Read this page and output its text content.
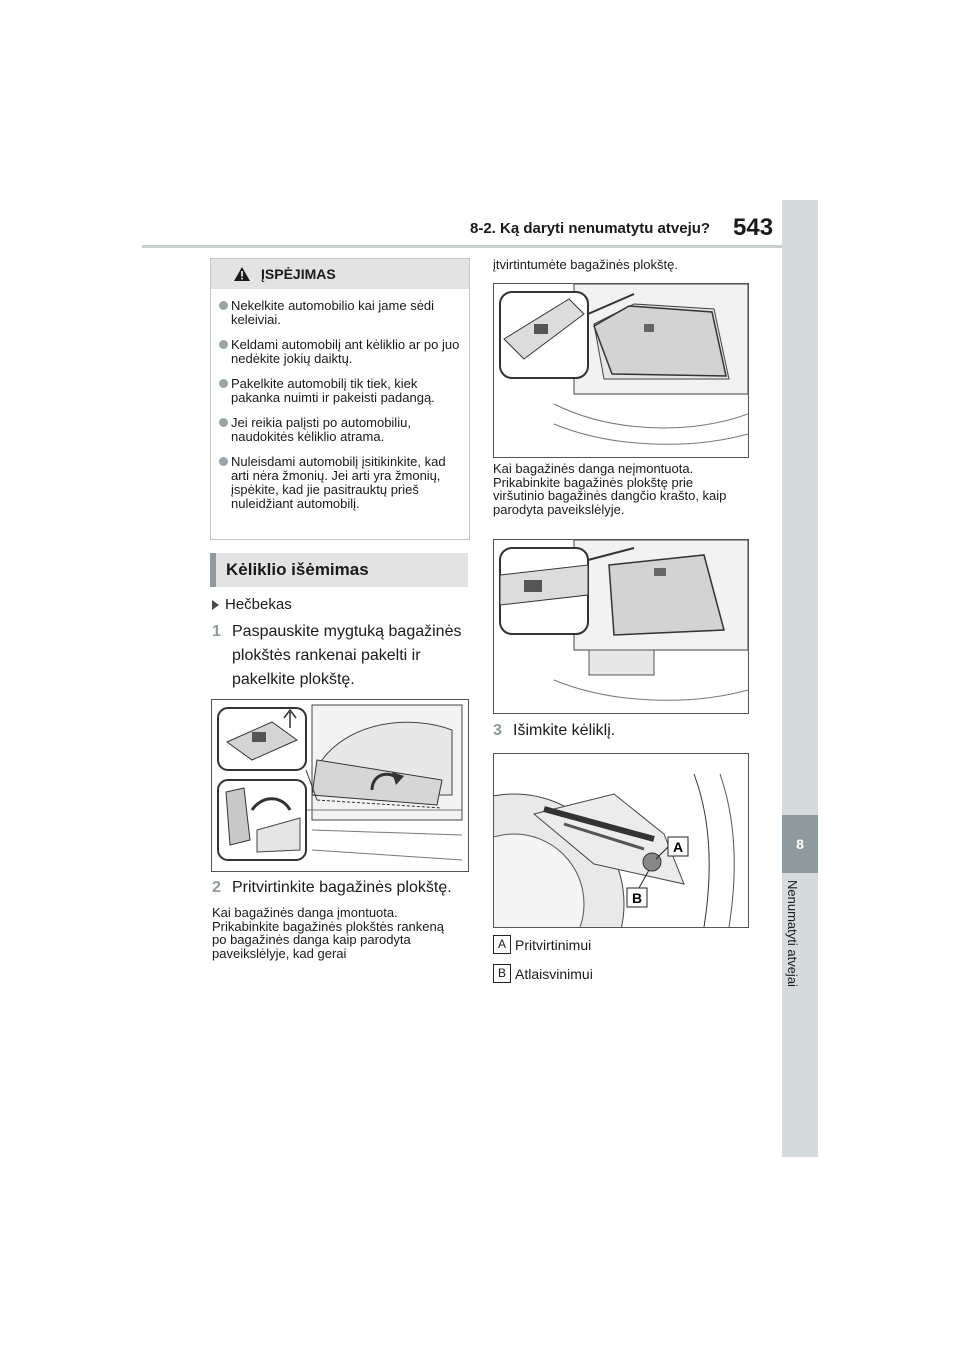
8-2. Ką daryti nenumatytu atveju? 543
8
Nenumatyti atvejai
ĮSPĖJIMAS
Nekelkite automobilio kai jame sėdi keleiviai.
Keldami automobilį ant kėliklio ar po juo nedėkite jokių daiktų.
Pakelkite automobilį tik tiek, kiek pakanka nuimti ir pakeisti padangą.
Jei reikia palįsti po automobiliu, naudokitės kėliklio atrama.
Nuleisdami automobilį įsitikinkite, kad arti nėra žmonių. Jei arti yra žmonių, įspėkite, kad jie pasitrauktų prieš nuleidžiant automobilį.
Kėliklio išėmimas
Hečbekas
1 Paspauskite mygtuką bagažinės plokštės rankenai pakelti ir pakelkite plokštę.
2 Pritvirtinkite bagažinės plokštę.
Kai bagažinės danga įmontuota. Prikabinkite bagažinės plokštės rankeną po bagažinės danga kaip parodyta paveikslėlyje, kad gerai
įtvirtintumėte bagažinės plokštę.
Kai bagažinės danga neįmontuota. Prikabinkite bagažinės plokštę prie viršutinio bagažinės dangčio krašto, kaip parodyta paveikslėlyje.
3 Išimkite kėliklį.
A
B
A Pritvirtinimui
B Atlaisvinimui
